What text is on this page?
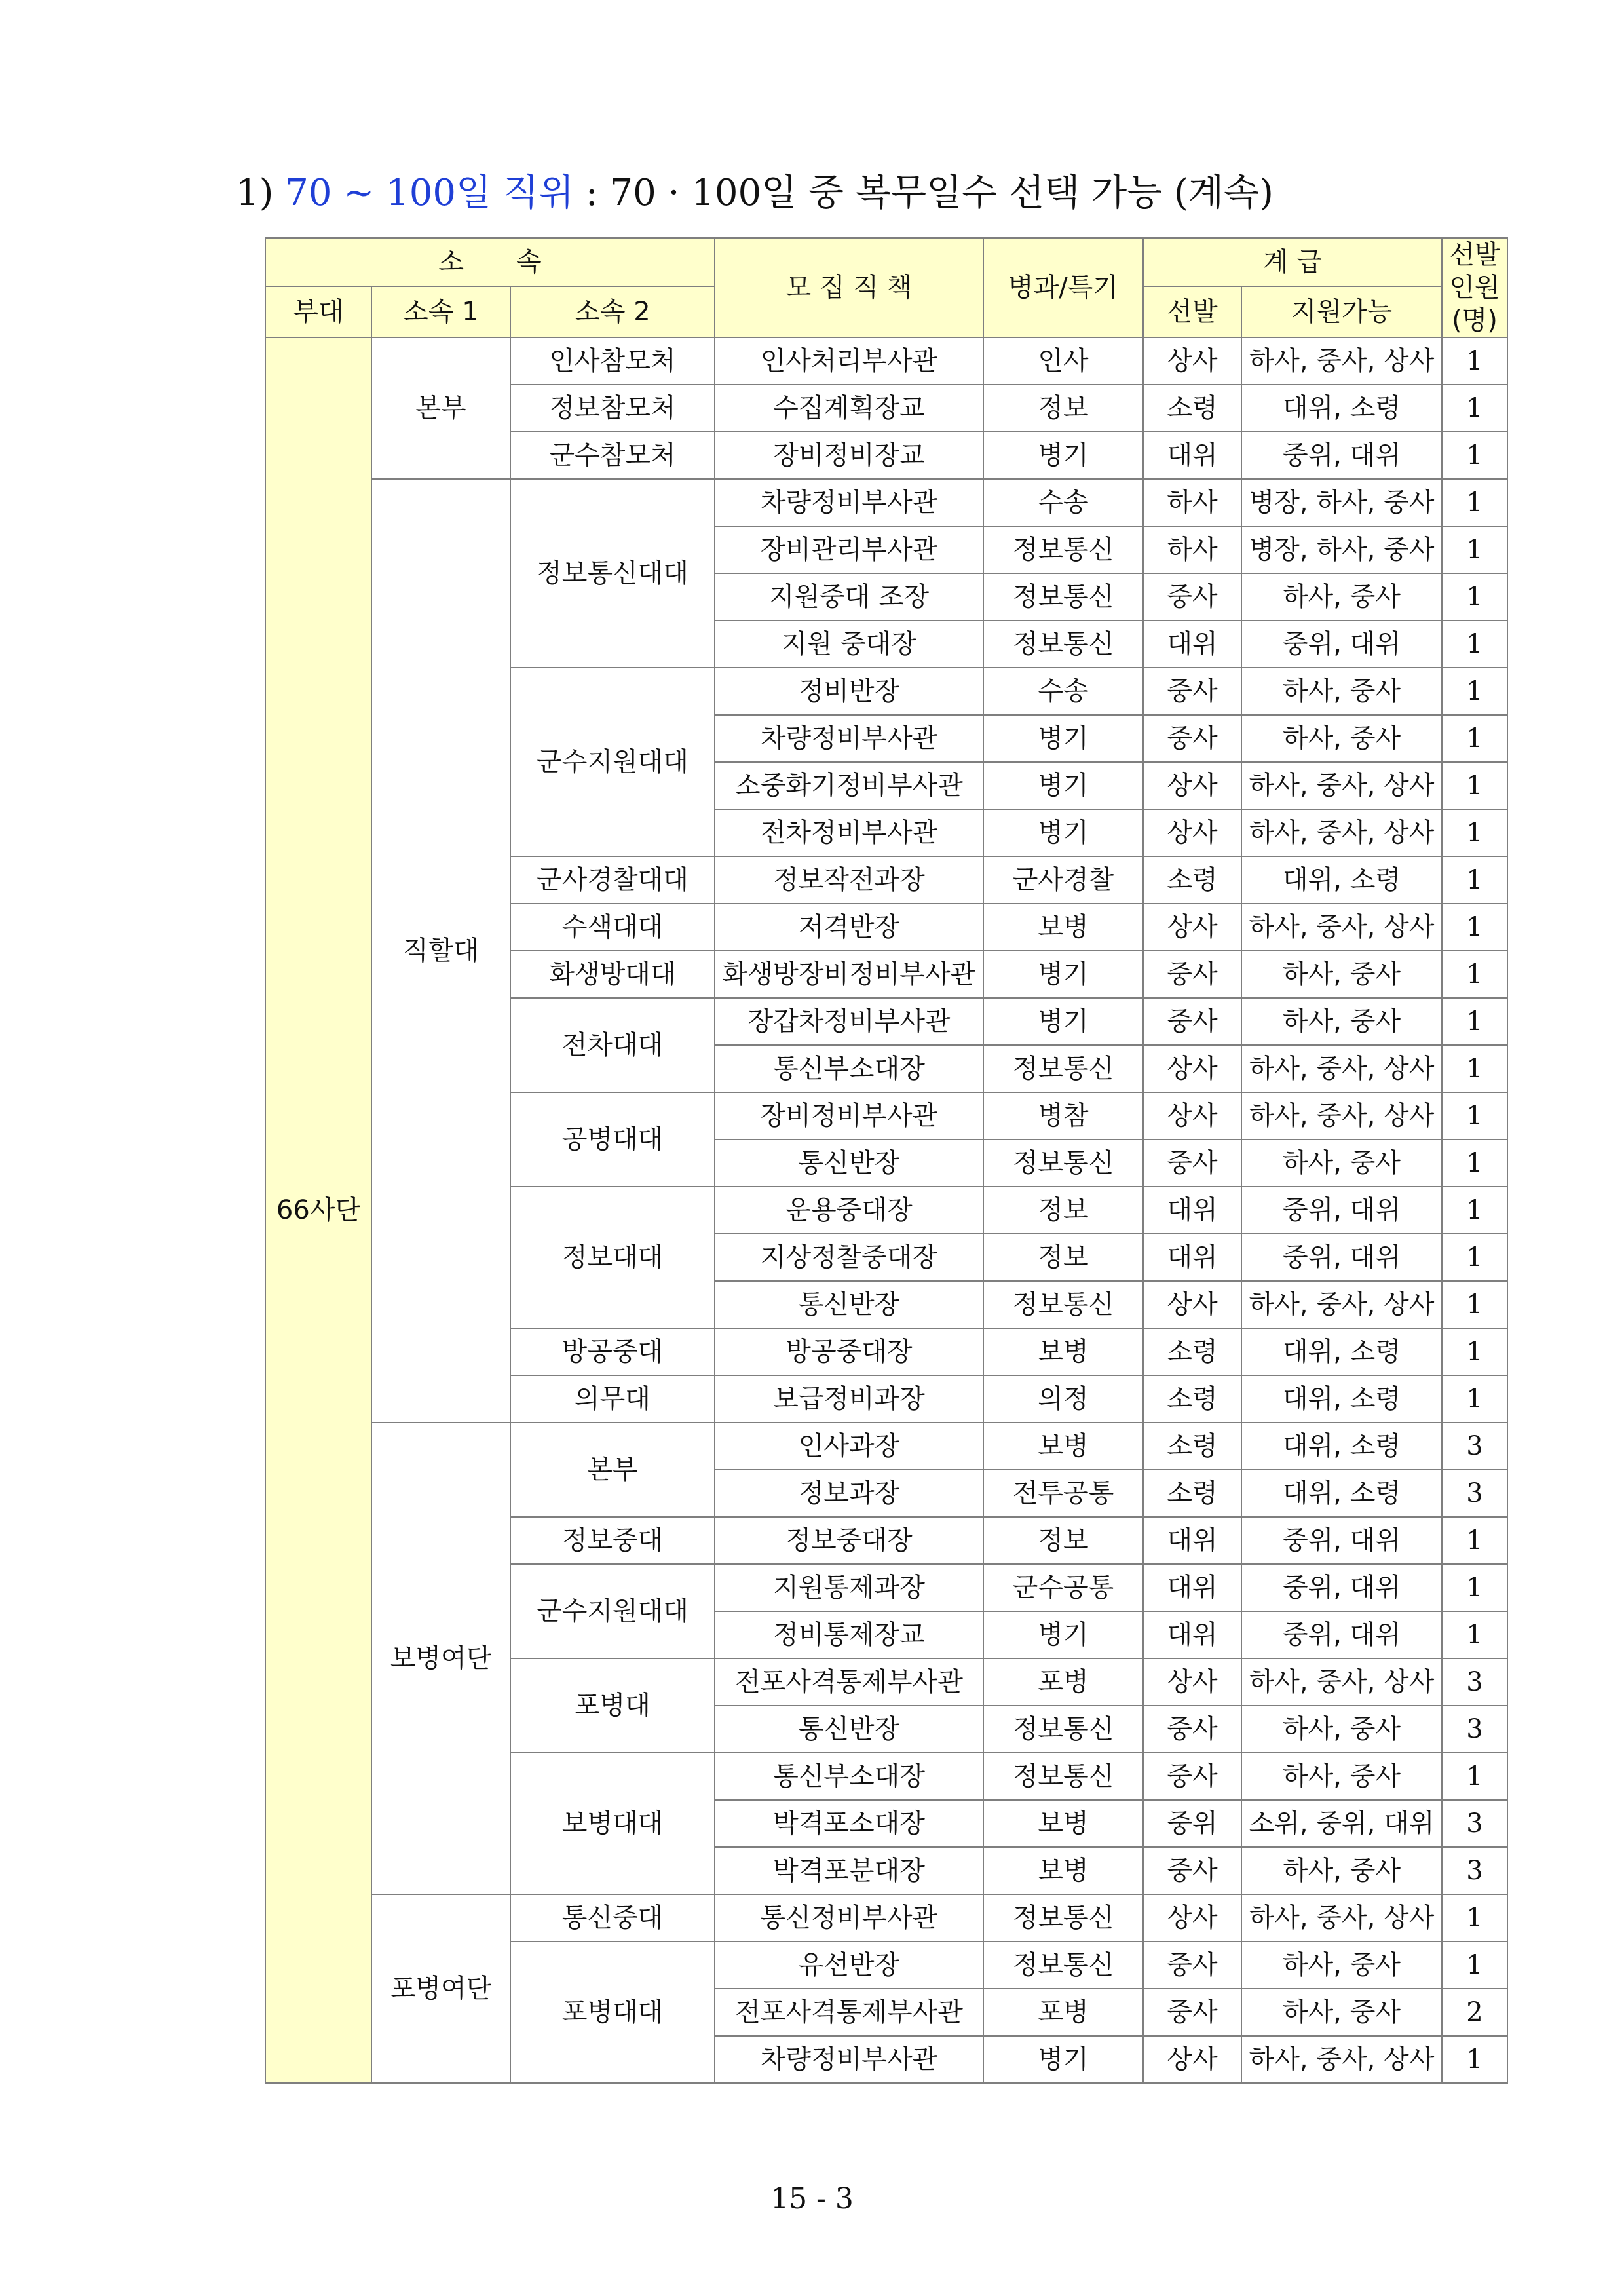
1) 70 ~ 100일 직위 : 70 · 100일 중 복무일수 선택 가능 (계속)
소　　속			모 집 직 책	병과/특기	계 급		선발
인원
(명)

부대	소속 1	소속 2			선발	지원가능	
66사단	본부	인사참모처	인사처리부사관	인사	상사	하사, 중사, 상사	1
		정보참모처	수집계획장교	정보	소령	대위, 소령	1
		군수참모처	장비정비장교	병기	대위	중위, 대위	1
	직할대	정보통신대대	차량정비부사관	수송	하사	병장, 하사, 중사	1
			장비관리부사관	정보통신	하사	병장, 하사, 중사	1
			지원중대 조장	정보통신	중사	하사, 중사	1
			지원 중대장	정보통신	대위	중위, 대위	1
		군수지원대대	정비반장	수송	중사	하사, 중사	1
			차량정비부사관	병기	중사	하사, 중사	1
			소중화기정비부사관	병기	상사	하사, 중사, 상사	1
			전차정비부사관	병기	상사	하사, 중사, 상사	1
		군사경찰대대	정보작전과장	군사경찰	소령	대위, 소령	1
		수색대대	저격반장	보병	상사	하사, 중사, 상사	1
		화생방대대	화생방장비정비부사관	병기	중사	하사, 중사	1
		전차대대	장갑차정비부사관	병기	중사	하사, 중사	1
			통신부소대장	정보통신	상사	하사, 중사, 상사	1
		공병대대	장비정비부사관	병참	상사	하사, 중사, 상사	1
			통신반장	정보통신	중사	하사, 중사	1
		정보대대	운용중대장	정보	대위	중위, 대위	1
			지상정찰중대장	정보	대위	중위, 대위	1
			통신반장	정보통신	상사	하사, 중사, 상사	1
		방공중대	방공중대장	보병	소령	대위, 소령	1
		의무대	보급정비과장	의정	소령	대위, 소령	1
	보병여단	본부	인사과장	보병	소령	대위, 소령	3
			정보과장	전투공통	소령	대위, 소령	3
		정보중대	정보중대장	정보	대위	중위, 대위	1
		군수지원대대	지원통제과장	군수공통	대위	중위, 대위	1
			정비통제장교	병기	대위	중위, 대위	1
		포병대	전포사격통제부사관	포병	상사	하사, 중사, 상사	3
			통신반장	정보통신	중사	하사, 중사	3
		보병대대	통신부소대장	정보통신	중사	하사, 중사	1
			박격포소대장	보병	중위	소위, 중위, 대위	3
			박격포분대장	보병	중사	하사, 중사	3
	포병여단	통신중대	통신정비부사관	정보통신	상사	하사, 중사, 상사	1
		포병대대	유선반장	정보통신	중사	하사, 중사	1
			전포사격통제부사관	포병	중사	하사, 중사	2
			차량정비부사관	병기	상사	하사, 중사, 상사	1
15 - 3
